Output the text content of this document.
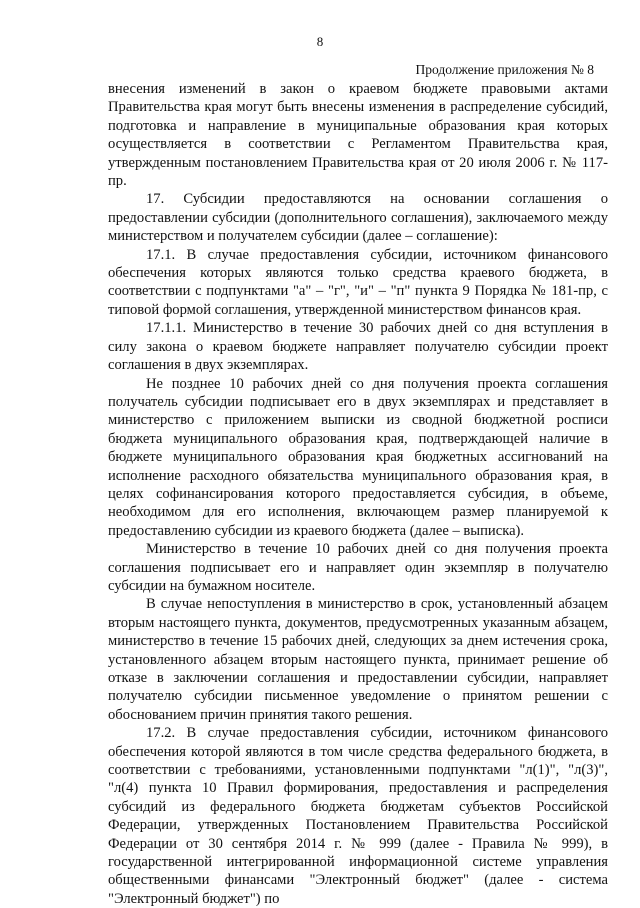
8
Продолжение приложения № 8

внесения изменений в закон о краевом бюджете правовыми актами Правительства края могут быть внесены изменения в распределение субсидий, подготовка и направление в муниципальные образования края которых осуществляется в соответствии с Регламентом Правительства края, утвержденным постановлением Правительства края от 20 июля 2006 г. № 117-пр.

17. Субсидии предоставляются на основании соглашения о предоставлении субсидии (дополнительного соглашения), заключаемого между министерством и получателем субсидии (далее – соглашение):

17.1. В случае предоставления субсидии, источником финансового обеспечения которых являются только средства краевого бюджета, в соответствии с подпунктами "а" – "г", "и" – "п" пункта 9 Порядка № 181-пр, с типовой формой соглашения, утвержденной министерством финансов края.

17.1.1. Министерство в течение 30 рабочих дней со дня вступления в силу закона о краевом бюджете направляет получателю субсидии проект соглашения в двух экземплярах.

Не позднее 10 рабочих дней со дня получения проекта соглашения получатель субсидии подписывает его в двух экземплярах и представляет в министерство с приложением выписки из сводной бюджетной росписи бюджета муниципального образования края, подтверждающей наличие в бюджете муниципального образования края бюджетных ассигнований на исполнение расходного обязательства муниципального образования края, в целях софинансирования которого предоставляется субсидия, в объеме, необходимом для его исполнения, включающем размер планируемой к предоставлению субсидии из краевого бюджета (далее – выписка).

Министерство в течение 10 рабочих дней со дня получения проекта соглашения подписывает его и направляет один экземпляр в получателю субсидии на бумажном носителе.

В случае непоступления в министерство в срок, установленный абзацем вторым настоящего пункта, документов, предусмотренных указанным абзацем, министерство в течение 15 рабочих дней, следующих за днем истечения срока, установленного абзацем вторым настоящего пункта, принимает решение об отказе в заключении соглашения и предоставлении субсидии, направляет получателю субсидии письменное уведомление о принятом решении с обоснованием причин принятия такого решения.

17.2. В случае предоставления субсидии, источником финансового обеспечения которой являются в том числе средства федерального бюджета, в соответствии с требованиями, установленными подпунктами "л(1)", "л(3)", "л(4) пункта 10 Правил формирования, предоставления и распределения субсидий из федерального бюджета бюджетам субъектов Российской Федерации, утвержденных Постановлением Правительства Российской Федерации от 30 сентября 2014 г. № 999 (далее - Правила № 999), в государственной интегрированной информационной системе управления общественными финансами "Электронный бюджет" (далее - система "Электронный бюджет") по
